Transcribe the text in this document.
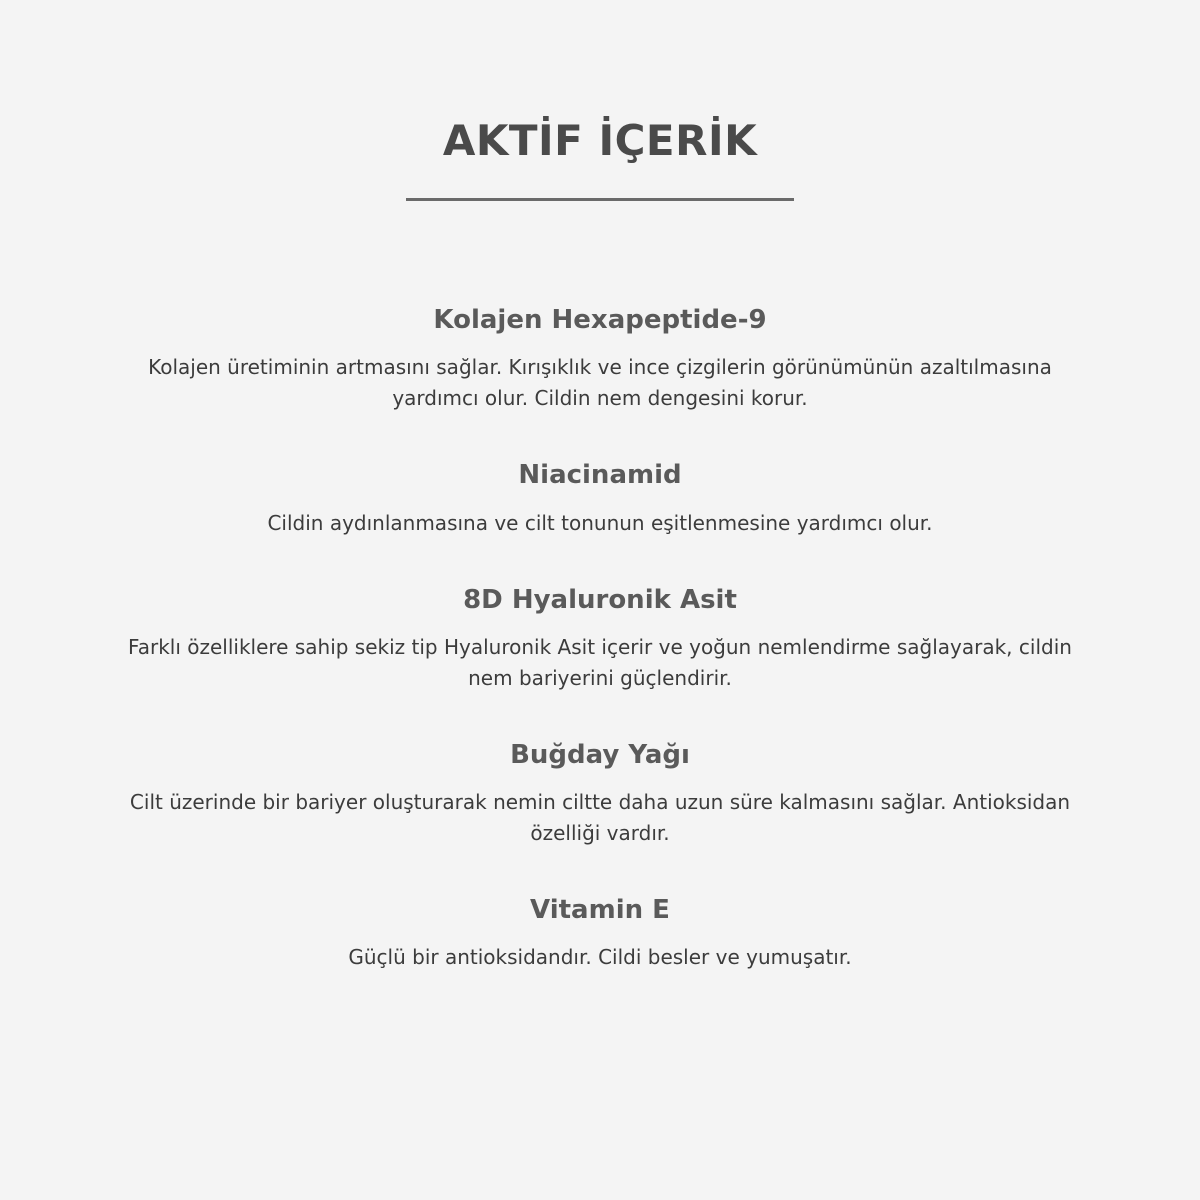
AKTİF İÇERİK
Kolajen Hexapeptide-9
Kolajen üretiminin artmasını sağlar. Kırışıklık ve ince çizgilerin görünümünün azaltılmasına yardımcı olur. Cildin nem dengesini korur.
Niacinamid
Cildin aydınlanmasına ve cilt tonunun eşitlenmesine yardımcı olur.
8D Hyaluronik Asit
Farklı özelliklere sahip sekiz tip Hyaluronik Asit içerir ve yoğun nemlendirme sağlayarak, cildin nem bariyerini güçlendirir.
Buğday Yağı
Cilt üzerinde bir bariyer oluşturarak nemin ciltte daha uzun süre kalmasını sağlar. Antioksidan özelliği vardır.
Vitamin E
Güçlü bir antioksidandır. Cildi besler ve yumuşatır.
